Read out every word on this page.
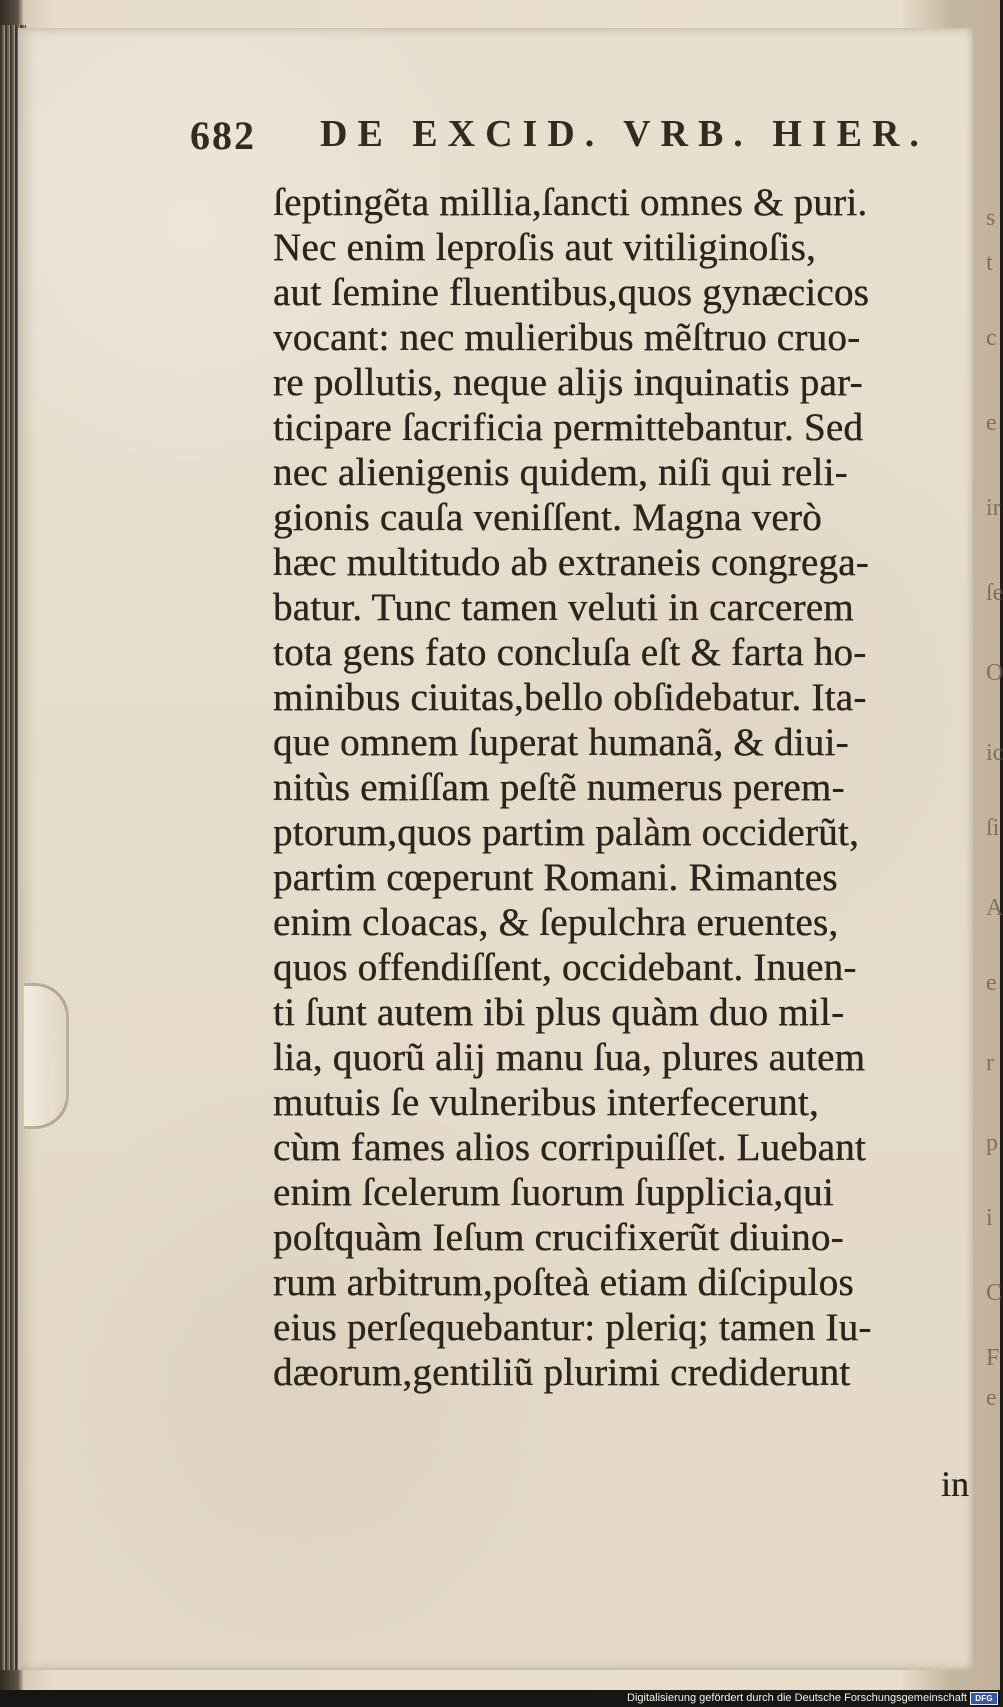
682 DE EXCID. VRB. HIER.
ſeptingẽta millia,ſancti omnes & puri.
Nec enim leproſis aut vitiliginoſis,
aut ſemine fluentibus,quos gynæcicos
vocant: nec mulieribus mẽſtruo cruo-
re pollutis, neque alijs inquinatis par-
ticipare ſacrificia permittebantur. Sed
nec alienigenis quidem, niſi qui reli-
gionis cauſa veniſſent. Magna verò
hæc multitudo ab extraneis congrega-
batur. Tunc tamen veluti in carcerem
tota gens fato concluſa eſt & farta ho-
minibus ciuitas,bello obſidebatur. Ita-
que omnem ſuperat humanã, & diui-
nitùs emiſſam peſtẽ numerus perem-
ptorum,quos partim palàm occiderũt,
partim cœperunt Romani. Rimantes
enim cloacas, & ſepulchra eruentes,
quos offendiſſent, occidebant. Inuen-
ti ſunt autem ibi plus quàm duo mil-
lia, quorũ alij manu ſua, plures autem
mutuis ſe vulneribus interfecerunt,
cùm fames alios corripuiſſet. Luebant
enim ſcelerum ſuorum ſupplicia,qui
poſtquàm Ieſum crucifixerũt diuino-
rum arbitrum,poſteà etiam diſcipulos
eius perſequebantur: pleriq; tamen Iu-
dæorum,gentiliũ plurimi crediderunt
in
s
t
c
e
ir
ſe
O
ic
ſi
A
e
r
p
i
C
F
e
Digitalisierung gefördert durch die Deutsche Forschungsgemeinschaft	DFG
